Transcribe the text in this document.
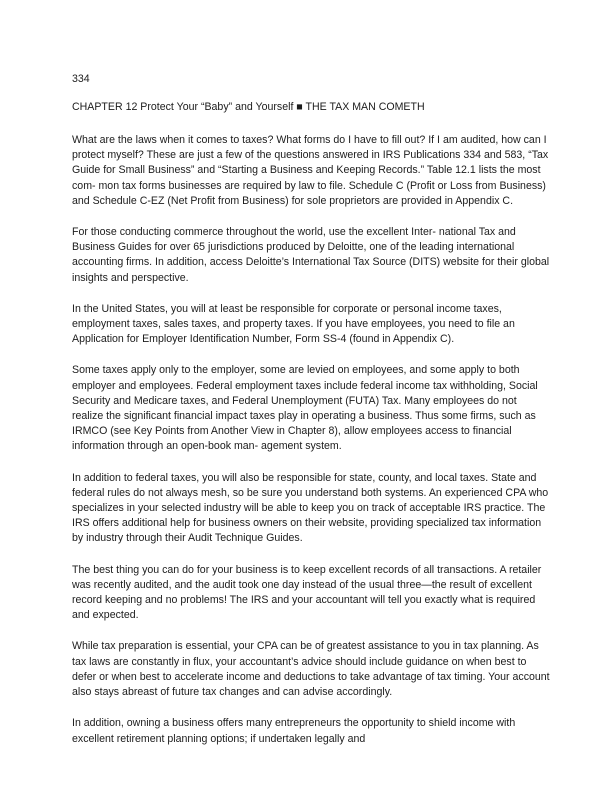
334
CHAPTER 12 Protect Your “Baby” and Yourself ■ THE TAX MAN COMETH

What are the laws when it comes to taxes? What forms do I have to fill out? If I am audited, how can I protect myself? These are just a few of the questions answered in IRS Publications 334 and 583, “Tax Guide for Small Business” and “Starting a Business and Keeping Records.” Table 12.1 lists the most com- mon tax forms businesses are required by law to file. Schedule C (Profit or Loss from Business) and Schedule C-EZ (Net Profit from Business) for sole proprietors are provided in Appendix C.

For those conducting commerce throughout the world, use the excellent Inter- national Tax and Business Guides for over 65 jurisdictions produced by Deloitte, one of the leading international accounting firms. In addition, access Deloitte’s International Tax Source (DITS) website for their global insights and perspective.

In the United States, you will at least be responsible for corporate or personal income taxes, employment taxes, sales taxes, and property taxes. If you have employees, you need to file an Application for Employer Identification Number, Form SS-4 (found in Appendix C).

Some taxes apply only to the employer, some are levied on employees, and some apply to both employer and employees. Federal employment taxes include federal income tax withholding, Social Security and Medicare taxes, and Federal Unemployment (FUTA) Tax. Many employees do not realize the significant financial impact taxes play in operating a business. Thus some firms, such as IRMCO (see Key Points from Another View in Chapter 8), allow employees access to financial information through an open-book man- agement system.

In addition to federal taxes, you will also be responsible for state, county, and local taxes. State and federal rules do not always mesh, so be sure you understand both systems. An experienced CPA who specializes in your selected industry will be able to keep you on track of acceptable IRS practice. The IRS offers additional help for business owners on their website, providing specialized tax information by industry through their Audit Technique Guides.

The best thing you can do for your business is to keep excellent records of all transactions. A retailer was recently audited, and the audit took one day instead of the usual three—the result of excellent record keeping and no problems! The IRS and your accountant will tell you exactly what is required and expected.

While tax preparation is essential, your CPA can be of greatest assistance to you in tax planning. As tax laws are constantly in flux, your accountant’s advice should include guidance on when best to defer or when best to accelerate income and deductions to take advantage of tax timing. Your account also stays abreast of future tax changes and can advise accordingly.

In addition, owning a business offers many entrepreneurs the opportunity to shield income with excellent retirement planning options; if undertaken legally and
